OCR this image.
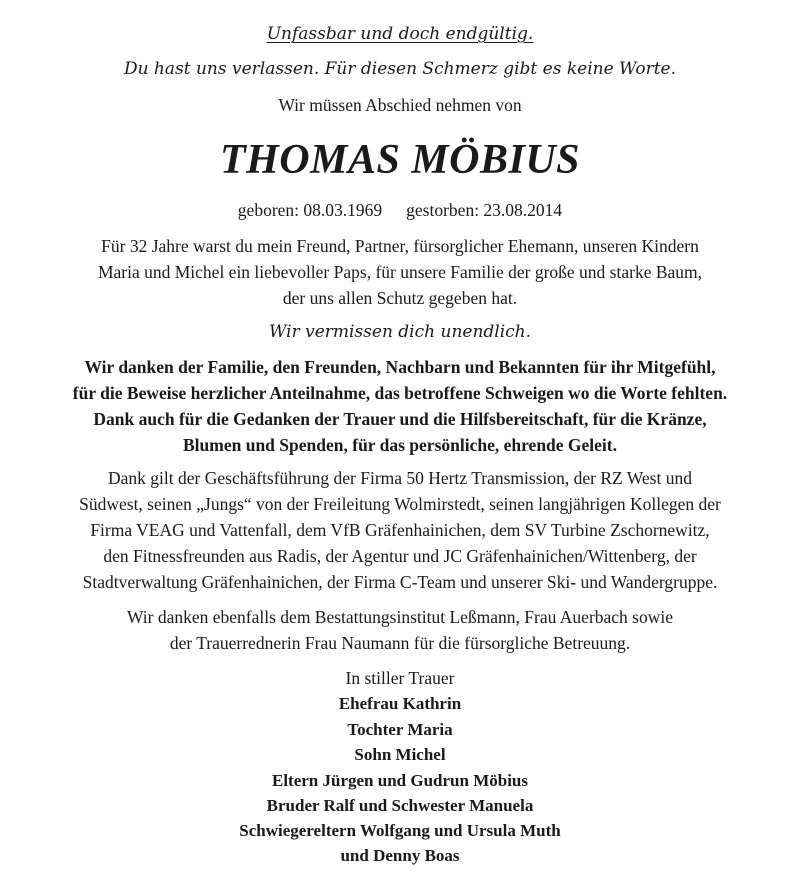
Unfassbar und doch endgültig.
Du hast uns verlassen. Für diesen Schmerz gibt es keine Worte.
Wir müssen Abschied nehmen von
THOMAS MÖBIUS
geboren: 08.03.1969 gestorben: 23.08.2014
Für 32 Jahre warst du mein Freund, Partner, fürsorglicher Ehemann, unseren Kindern
Maria und Michel ein liebevoller Paps, für unsere Familie der große und starke Baum,
der uns allen Schutz gegeben hat.
Wir vermissen dich unendlich.
Wir danken der Familie, den Freunden, Nachbarn und Bekannten für ihr Mitgefühl,
für die Beweise herzlicher Anteilnahme, das betroffene Schweigen wo die Worte fehlten.
Dank auch für die Gedanken der Trauer und die Hilfsbereitschaft, für die Kränze,
Blumen und Spenden, für das persönliche, ehrende Geleit.
Dank gilt der Geschäftsführung der Firma 50 Hertz Transmission, der RZ West und
Südwest, seinen „Jungs“ von der Freileitung Wolmirstedt, seinen langjährigen Kollegen der
Firma VEAG und Vattenfall, dem VfB Gräfenhainichen, dem SV Turbine Zschornewitz,
den Fitnessfreunden aus Radis, der Agentur und JC Gräfenhainichen/Wittenberg, der
Stadtverwaltung Gräfenhainichen, der Firma C-Team und unserer Ski- und Wandergruppe.
Wir danken ebenfalls dem Bestattungsinstitut Leßmann, Frau Auerbach sowie
der Trauerrednerin Frau Naumann für die fürsorgliche Betreuung.
In stiller Trauer
Ehefrau Kathrin
Tochter Maria
Sohn Michel
Eltern Jürgen und Gudrun Möbius
Bruder Ralf und Schwester Manuela
Schwiegereltern Wolfgang und Ursula Muth
und Denny Boas
